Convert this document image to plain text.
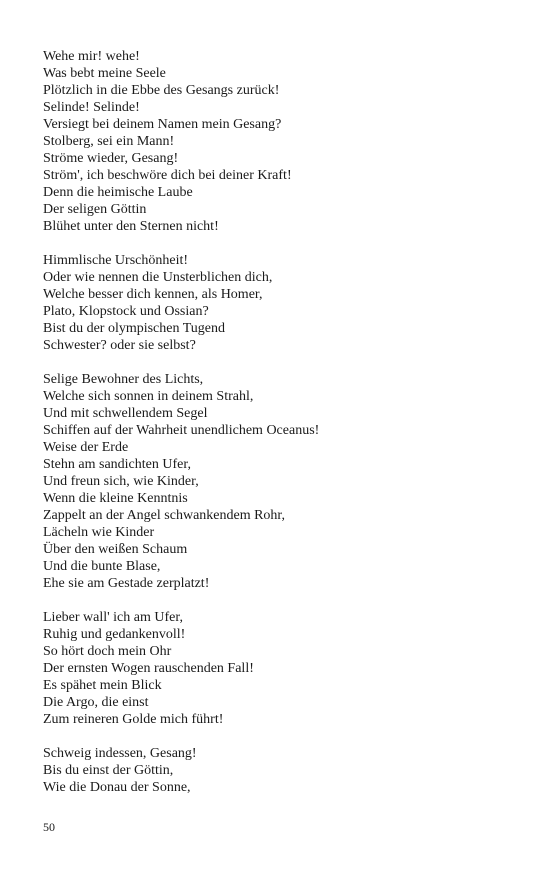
Wehe mir! wehe!
Was bebt meine Seele
Plötzlich in die Ebbe des Gesangs zurück!
Selinde! Selinde!
Versiegt bei deinem Namen mein Gesang?
Stolberg, sei ein Mann!
Ströme wieder, Gesang!
Ström', ich beschwöre dich bei deiner Kraft!
Denn die heimische Laube
Der seligen Göttin
Blühet unter den Sternen nicht!
Himmlische Urschönheit!
Oder wie nennen die Unsterblichen dich,
Welche besser dich kennen, als Homer,
Plato, Klopstock und Ossian?
Bist du der olympischen Tugend
Schwester? oder sie selbst?
Selige Bewohner des Lichts,
Welche sich sonnen in deinem Strahl,
Und mit schwellendem Segel
Schiffen auf der Wahrheit unendlichem Oceanus!
Weise der Erde
Stehn am sandichten Ufer,
Und freun sich, wie Kinder,
Wenn die kleine Kenntnis
Zappelt an der Angel schwankendem Rohr,
Lächeln wie Kinder
Über den weißen Schaum
Und die bunte Blase,
Ehe sie am Gestade zerplatzt!
Lieber wall' ich am Ufer,
Ruhig und gedankenvoll!
So hört doch mein Ohr
Der ernsten Wogen rauschenden Fall!
Es spähet mein Blick
Die Argo, die einst
Zum reineren Golde mich führt!
Schweig indessen, Gesang!
Bis du einst der Göttin,
Wie die Donau der Sonne,
50
